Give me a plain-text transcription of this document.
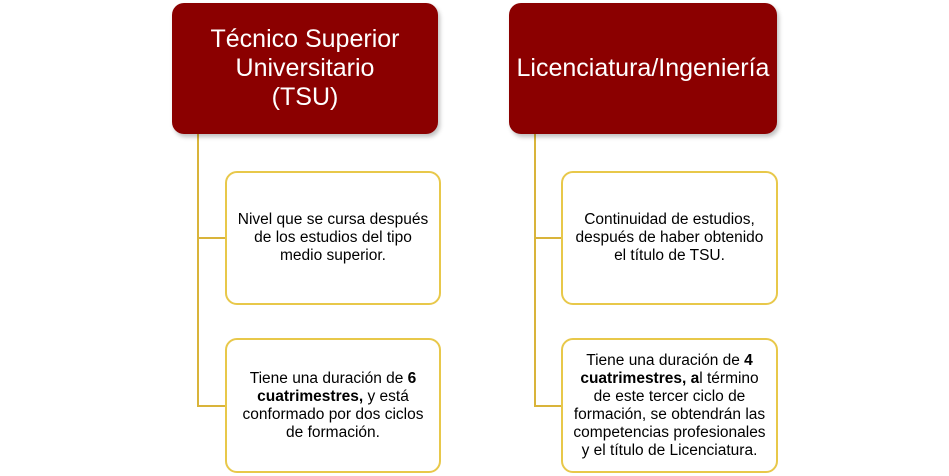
Técnico Superior Universitario (TSU)
Licenciatura/Ingeniería
Nivel que se cursa después de los estudios del tipo medio superior.
Tiene una duración de 6 cuatrimestres, y está conformado por dos ciclos de formación.
Continuidad de estudios, después de haber obtenido el título de TSU.
Tiene una duración de 4 cuatrimestres, al término de este tercer ciclo de formación, se obtendrán las competencias profesionales y el título de Licenciatura.
